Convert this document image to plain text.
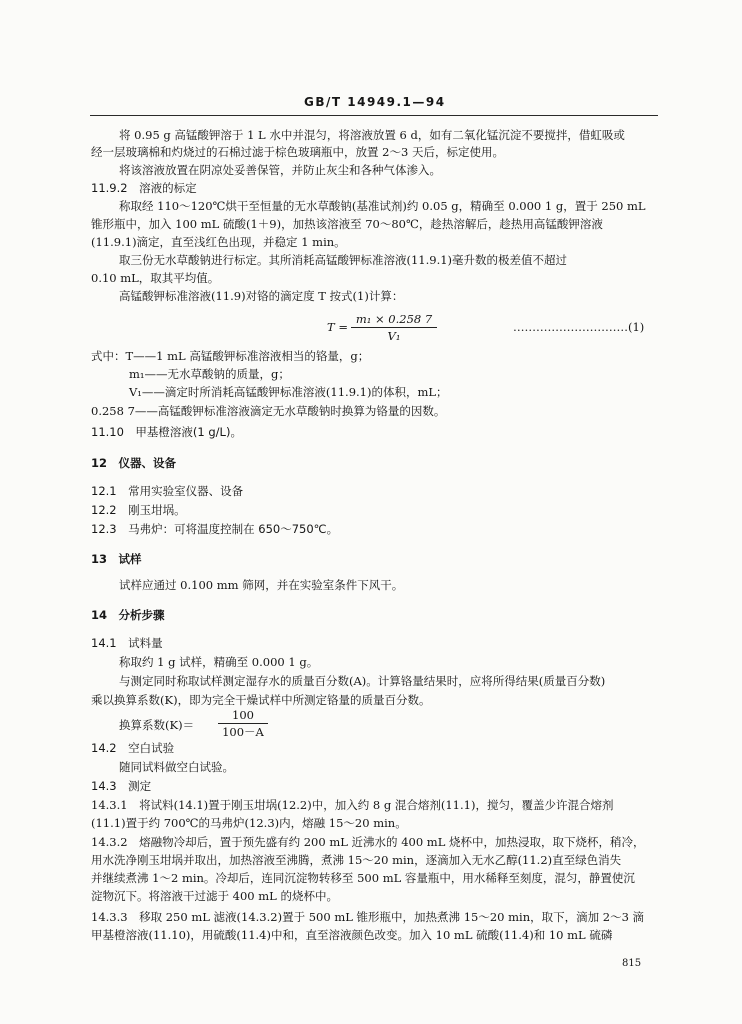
GB/T 14949.1—94
将 0.95 g 高锰酸钾溶于 1 L 水中并混匀，将溶液放置 6 d，如有二氧化锰沉淀不要搅拌，借虹吸或
经一层玻璃棉和灼烧过的石棉过滤于棕色玻璃瓶中，放置 2～3 天后，标定使用。
将该溶液放置在阴凉处妥善保管，并防止灰尘和各种气体渗入。
11.9.2　溶液的标定
称取经 110～120℃烘干至恒量的无水草酸钠(基准试剂)约 0.05 g，精确至 0.000 1 g，置于 250 mL
锥形瓶中，加入 100 mL 硫酸(1＋9)，加热该溶液至 70～80℃，趁热溶解后，趁热用高锰酸钾溶液
(11.9.1)滴定，直至浅红色出现，并稳定 1 min。
取三份无水草酸钠进行标定。其所消耗高锰酸钾标准溶液(11.9.1)毫升数的极差值不超过
0.10 mL，取其平均值。
高锰酸钾标准溶液(11.9)对铬的滴定度 T 按式(1)计算：
T =
m₁ × 0.258 7
V₁
…………………………(1)
式中：T——1 mL 高锰酸钾标准溶液相当的铬量，g；
m₁——无水草酸钠的质量，g；
V₁——滴定时所消耗高锰酸钾标准溶液(11.9.1)的体积，mL；
0.258 7——高锰酸钾标准溶液滴定无水草酸钠时换算为铬量的因数。
11.10　甲基橙溶液(1 g/L)。
12　仪器、设备
12.1　常用实验室仪器、设备
12.2　刚玉坩埚。
12.3　马弗炉：可将温度控制在 650～750℃。
13　试样
试样应通过 0.100 mm 筛网，并在实验室条件下风干。
14　分析步骤
14.1　试料量
称取约 1 g 试样，精确至 0.000 1 g。
与测定同时称取试样测定湿存水的质量百分数(A)。计算铬量结果时，应将所得结果(质量百分数)
乘以换算系数(K)，即为完全干燥试样中所测定铬量的质量百分数。
换算系数(K)＝
100
100－A
14.2　空白试验
随同试料做空白试验。
14.3　测定
14.3.1　将试料(14.1)置于刚玉坩埚(12.2)中，加入约 8 g 混合熔剂(11.1)，搅匀，覆盖少许混合熔剂
(11.1)置于约 700℃的马弗炉(12.3)内，熔融 15～20 min。
14.3.2　熔融物冷却后，置于预先盛有约 200 mL 近沸水的 400 mL 烧杯中，加热浸取，取下烧杯，稍冷，
用水洗净刚玉坩埚并取出，加热溶液至沸腾，煮沸 15～20 min，逐滴加入无水乙醇(11.2)直至绿色消失
并继续煮沸 1～2 min。冷却后，连同沉淀物转移至 500 mL 容量瓶中，用水稀释至刻度，混匀，静置使沉
淀物沉下。将溶液干过滤于 400 mL 的烧杯中。
14.3.3　移取 250 mL 滤液(14.3.2)置于 500 mL 锥形瓶中，加热煮沸 15～20 min，取下，滴加 2～3 滴
甲基橙溶液(11.10)，用硫酸(11.4)中和，直至溶液颜色改变。加入 10 mL 硫酸(11.4)和 10 mL 硫磷
815
